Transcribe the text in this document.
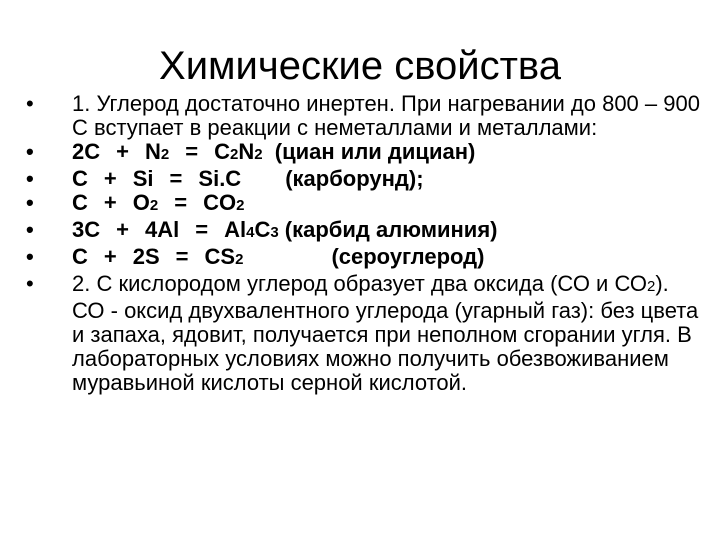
Химические свойства
• 1. Углерод достаточно инертен. При нагревании до 800 – 900 С вступает в реакции с неметаллами и металлами:
• 2C + N2 = C2N2 (циан или дициан)
• C + Si = Si.C (карборунд);
• C + O2 = CO2
• 3C + 4Al = Al4C3 (карбид алюминия)
• C + 2S = CS2	(сероуглерод)
• 2. С кислородом углерод образует два оксида (СО и СО2). СО - оксид двухвалентного углерода (угарный газ): без цвета и запаха, ядовит, получается при неполном сгорании угля. В лабораторных условиях можно получить обезвоживанием муравьиной кислоты серной кислотой.
